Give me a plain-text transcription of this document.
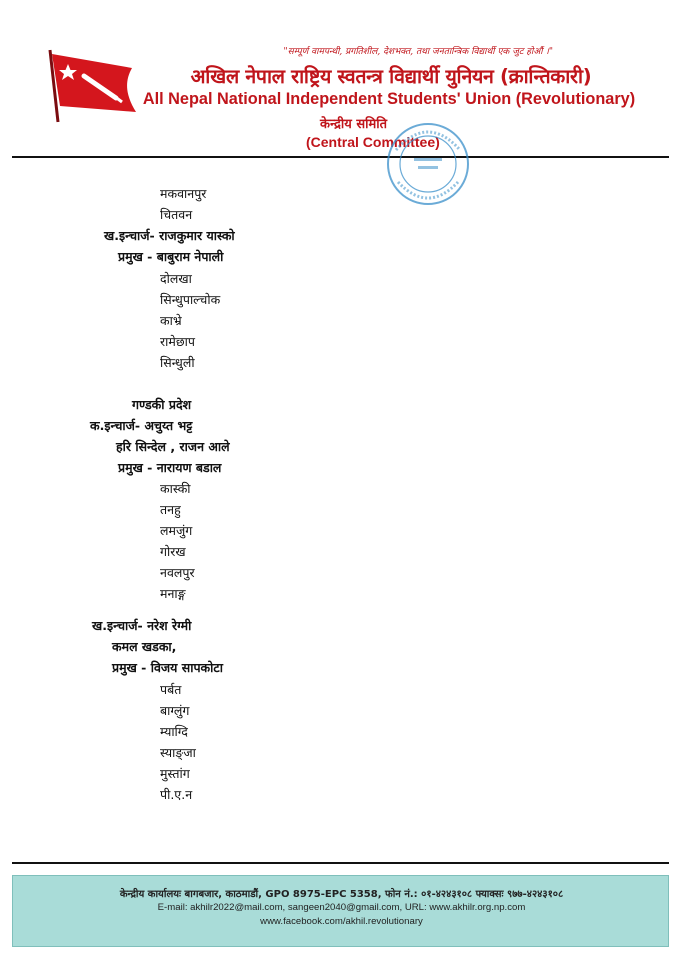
"सम्पूर्ण वामपन्थी, प्रगतिशील, देशभक्त, तथा जनतान्त्रिक विद्यार्थी एक जुट होऔं ।"
अखिल नेपाल राष्ट्रिय स्वतन्त्र विद्यार्थी युनियन (क्रान्तिकारी)
All Nepal National Independent Students' Union (Revolutionary)
केन्द्रीय समिति
(Central Committee)
मकवानपुर
चितवन
ख.इन्चार्ज- राजकुमार यास्को
प्रमुख - बाबुराम नेपाली
दोलखा
सिन्धुपाल्चोक
काभ्रे
रामेछाप
सिन्धुली
गण्डकी प्रदेश
क.इन्चार्ज- अचुय्त भट्ट
हरि सिन्देल , राजन आले
प्रमुख - नारायण बडाल
कास्की
तनहु
लमजुंग
गोरख
नवलपुर
मनाङ्ग
ख.इन्चार्ज- नरेश रेग्मी
कमल खडका,
प्रमुख - विजय सापकोटा
पर्बत
बाग्लुंग
म्याग्दि
स्याङ्जा
मुस्तांग
पी.ए.न
केन्द्रीय कार्यालयः बागबजार, काठमाडौं, GPO 8975-EPC 5358, फोन नं.: ०१-४२४३१०८ फ्याक्सः ९७७-४२४३१०८
E-mail: akhilr2022@mail.com, sangeen2040@gmail.com, URL: www.akhilr.org.np.com
www.facebook.com/akhil.revolutionary
